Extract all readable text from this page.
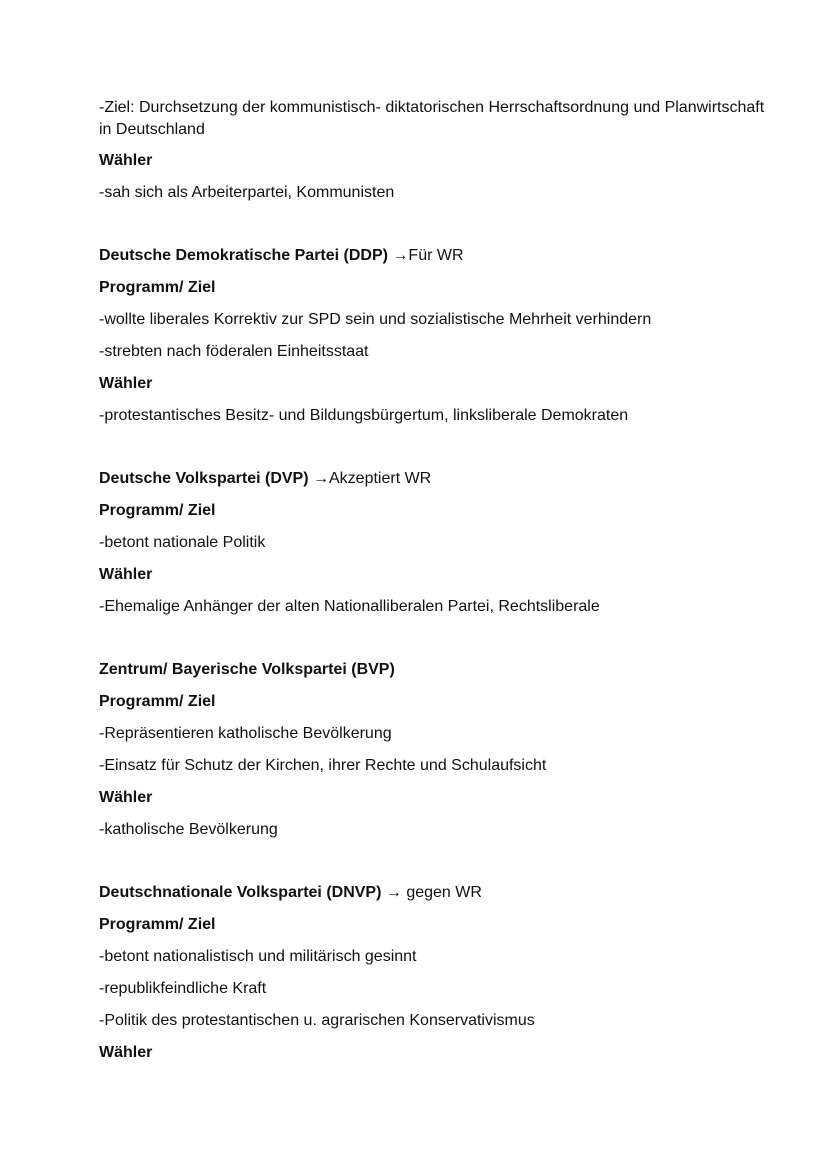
-Ziel: Durchsetzung der kommunistisch- diktatorischen Herrschaftsordnung und Planwirtschaft in Deutschland

Wähler
-sah sich als Arbeiterpartei, Kommunisten
Deutsche Demokratische Partei (DDP) →Für WR
Programm/ Ziel
-wollte liberales Korrektiv zur SPD sein und sozialistische Mehrheit verhindern
-strebten nach föderalen Einheitsstaat
Wähler
-protestantisches Besitz- und Bildungsbürgertum, linksliberale Demokraten
Deutsche Volkspartei (DVP) →Akzeptiert WR
Programm/ Ziel
-betont nationale Politik
Wähler
-Ehemalige Anhänger der alten Nationalliberalen Partei, Rechtsliberale
Zentrum/ Bayerische Volkspartei (BVP)
Programm/ Ziel
-Repräsentieren katholische Bevölkerung
-Einsatz für Schutz der Kirchen, ihrer Rechte und Schulaufsicht
Wähler
-katholische Bevölkerung
Deutschnationale Volkspartei (DNVP) → gegen WR
Programm/ Ziel
-betont nationalistisch und militärisch gesinnt
-republikfeindliche Kraft
-Politik des protestantischen u. agrarischen Konservativismus
Wähler
